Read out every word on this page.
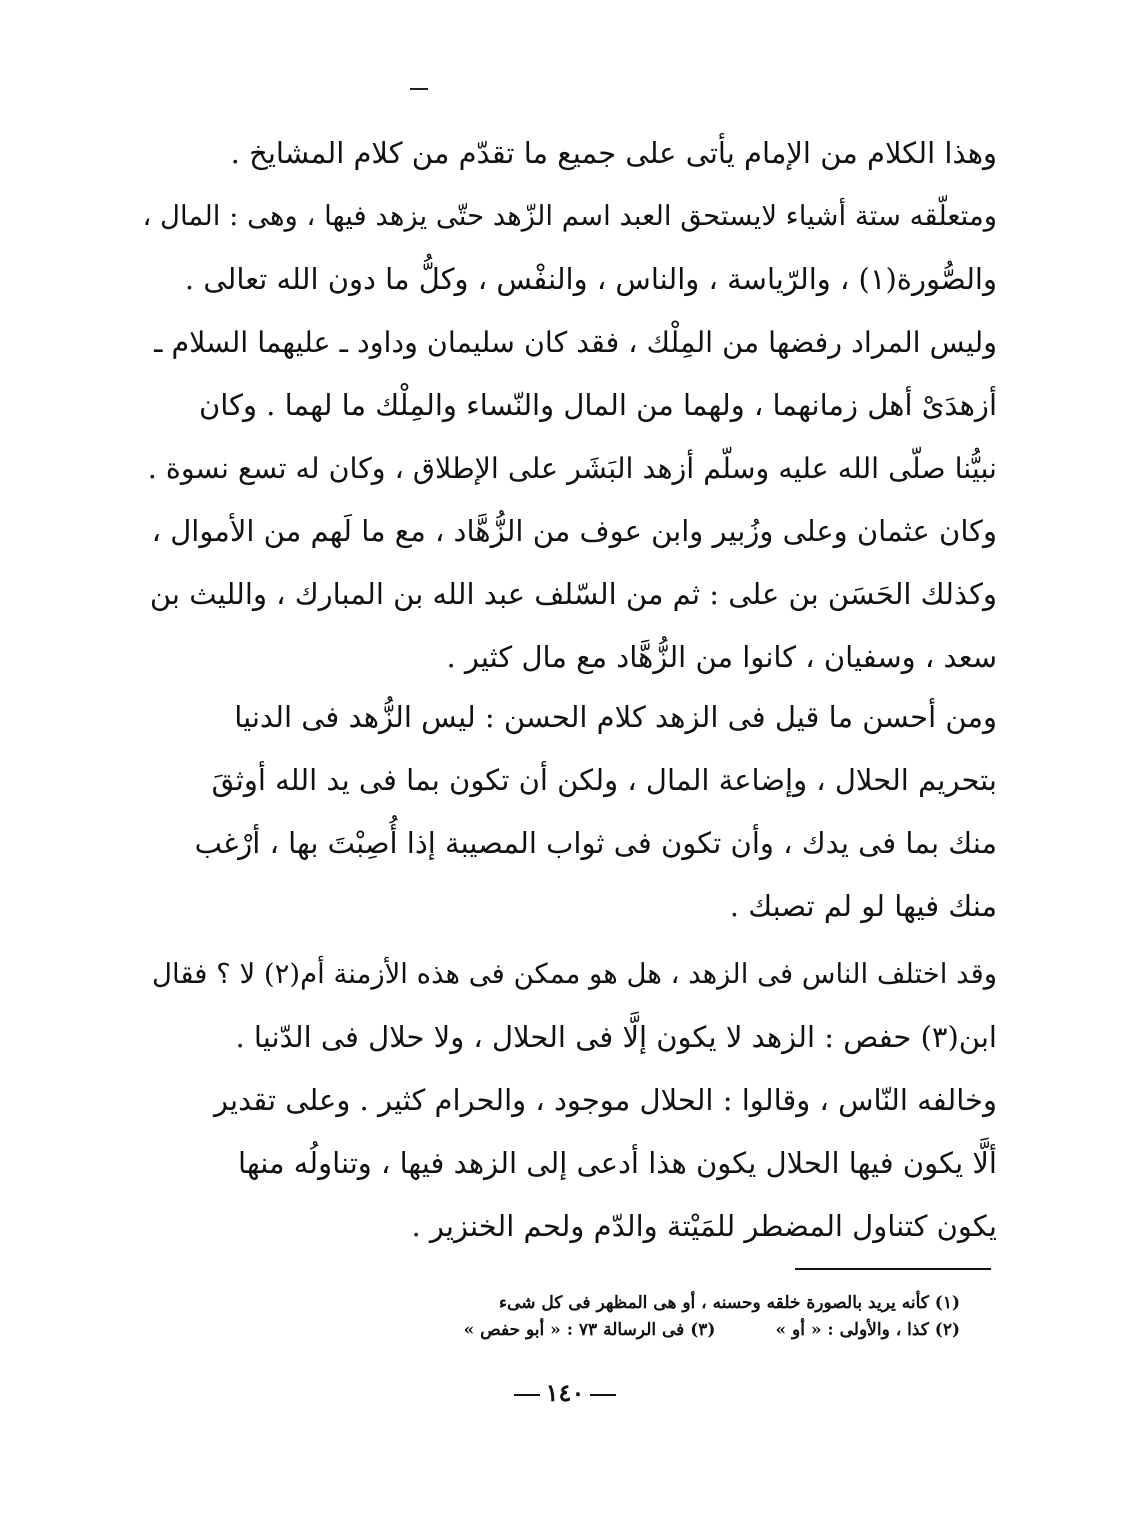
وهذا الكلام من الإمام يأتى على جميع ما تقدّم من كلام المشايخ .
ومتعلّقه ستة أشياء لايستحق العبد اسم الزّهد حتّى يزهد فيها ، وهى : المال ،
والصُّورة(١) ، والرّياسة ، والناس ، والنفْس ، وكلُّ ما دون الله تعالى .
وليس المراد رفضها من المِلْك ، فقد كان سليمان وداود ـ عليهما السلام ـ
أزهدَىْ أهل زمانهما ، ولهما من المال والنّساء والمِلْك ما لهما . وكان
نبيُّنا صلّى الله عليه وسلّم أزهد البَشَر على الإطلاق ، وكان له تسع نسوة .
وكان عثمان وعلى وزُبير وابن عوف من الزُّهَّاد ، مع ما لَهم من الأموال ،
وكذلك الحَسَن بن على : ثم من السّلف عبد الله بن المبارك ، والليث بن
سعد ، وسفيان ، كانوا من الزُّهَّاد مع مال كثير .
ومن أحسن ما قيل فى الزهد كلام الحسن : ليس الزُّهد فى الدنيا
بتحريم الحلال ، وإضاعة المال ، ولكن أن تكون بما فى يد الله أوثقَ
منك بما فى يدك ، وأن تكون فى ثواب المصيبة إذا أُصِبْتَ بها ، أرْغب
منك فيها لو لم تصبك .
وقد اختلف الناس فى الزهد ، هل هو ممكن فى هذه الأزمنة أم(٢) لا ؟ فقال
ابن(٣) حفص : الزهد لا يكون إلَّا فى الحلال ، ولا حلال فى الدّنيا .
وخالفه النّاس ، وقالوا : الحلال موجود ، والحرام كثير . وعلى تقدير
ألَّا يكون فيها الحلال يكون هذا أدعى إلى الزهد فيها ، وتناولُه منها
يكون كتناول المضطر للمَيْتة والدّم ولحم الخنزير .
(١) كأنه يريد بالصورة خلقه وحسنه ، أو هى المظهر فى كل شىء
(٢) كذا ، والأولى : « أو »(٣) فى الرسالة ٧٣ : « أبو حفص »
١٤٠
